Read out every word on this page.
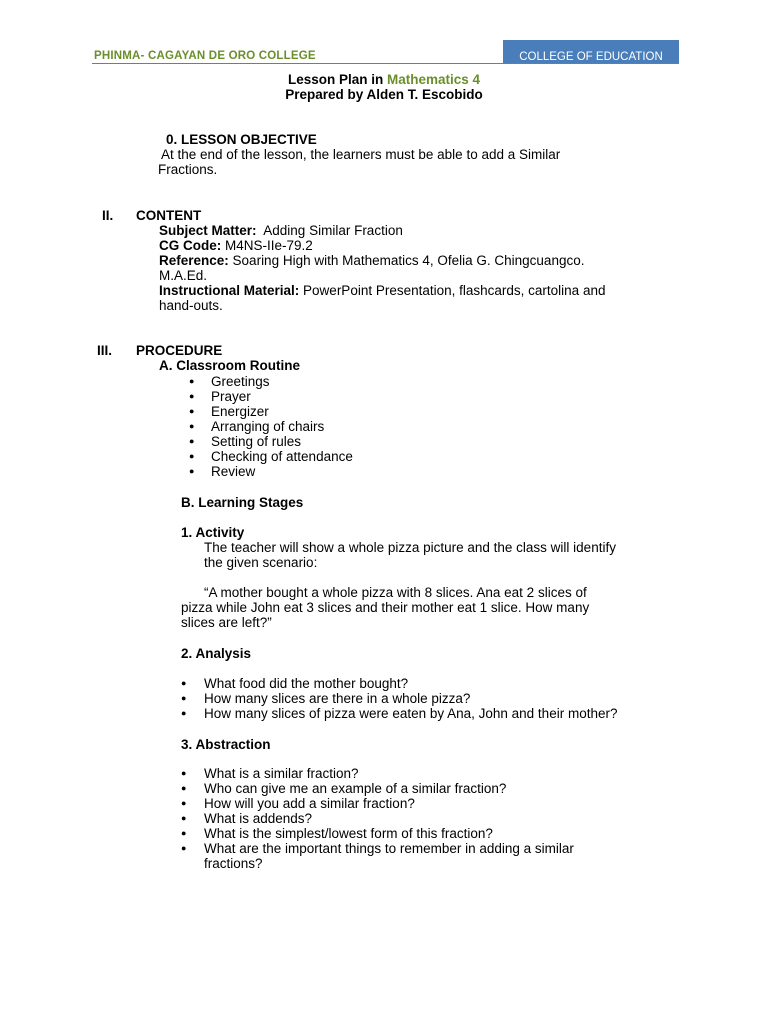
PHINMA- CAGAYAN DE ORO COLLEGE	COLLEGE OF EDUCATION
Lesson Plan in Mathematics 4
Prepared by Alden T. Escobido
0. LESSON OBJECTIVE
At the end of the lesson, the learners must be able to add a Similar
Fractions.
II. CONTENT
Subject Matter: Adding Similar Fraction
CG Code: M4NS-IIe-79.2
Reference: Soaring High with Mathematics 4, Ofelia G. Chingcuangco.
M.A.Ed.
Instructional Material: PowerPoint Presentation, flashcards, cartolina and
hand-outs.
III. PROCEDURE
A. Classroom Routine
● Greetings
● Prayer
● Energizer
● Arranging of chairs
● Setting of rules
● Checking of attendance
● Review
B. Learning Stages
1. Activity
The teacher will show a whole pizza picture and the class will identify
the given scenario:
“A mother bought a whole pizza with 8 slices. Ana eat 2 slices of
pizza while John eat 3 slices and their mother eat 1 slice. How many
slices are left?”
2. Analysis
● What food did the mother bought?
● How many slices are there in a whole pizza?
● How many slices of pizza were eaten by Ana, John and their mother?
3. Abstraction
● What is a similar fraction?
● Who can give me an example of a similar fraction?
● How will you add a similar fraction?
● What is addends?
● What is the simplest/lowest form of this fraction?
● What are the important things to remember in adding a similar
fractions?
